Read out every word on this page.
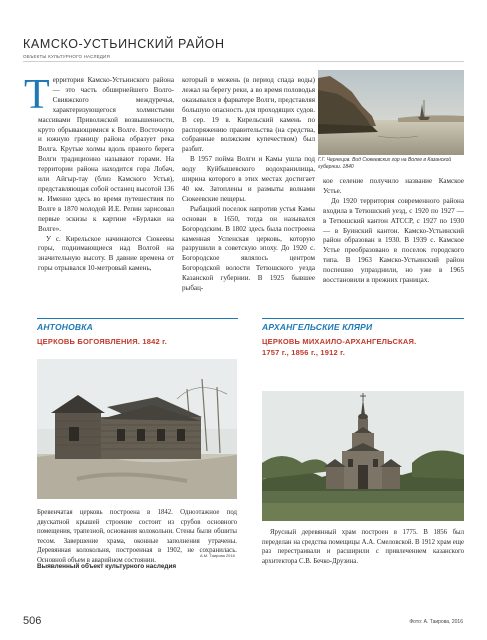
КАМСКО-УСТЬИНСКИЙ РАЙОН
ОБЪЕКТЫ КУЛЬТУРНОГО НАСЛЕДИЯ
Т ерритория Камско-Устьинского района — это часть обширнейшего Волго-Свияжского междуречья, характеризующегося холмистыми массивами Приволжской возвышенности, круто обрывающимися к Волге. Восточную и южную границу района образует река Волга. Крутые холмы вдоль правого берега Волги традиционно называют горами. На территории района находится гора Лобач, или Айгыр-тау (близ Камского Устья), представляющая собой останец высотой 136 м. Именно здесь во время путешествия по Волге в 1870 молодой И.Е. Репин зарисовал первые эскизы к картине «Бурлаки на Волге».

У с. Кирельское начинаются Сюкеевы горы, поднимающиеся над Волгой на значительную высоту. В давние времена от горы отрывался 10-метровый камень,

который в межень (в период спада воды) лежал на берегу реки, а во время половодья оказывался в фарватере Волги, представляя большую опасность для проходящих судов. В сер. 19 в. Кирельский камень по распоряжению правительства (на средства, собранные волжским купечеством) был разбит.

В 1957 пойма Волги и Камы ушла под воду Куйбышевского водохранилища, ширина которого в этих местах достигает 40 км. Затоплены и размыты волнами Сюкеевские пещеры.

Рыбацкий поселок напротив устья Камы основан в 1650, тогда он назывался Богородским. В 1802 здесь была построена каменная Успенская церковь, которую разрушили в советскую эпоху. До 1920 с. Богородское являлось центром Богородской волости Тетюшского уезда Казанской губернии. В 1925 бывшее рыбац-

Г.Г. Чернецов. Вид Сюкеевских гор на Волге в Казанской губернии. 1840

кое селение получило название Камское Устье.

До 1920 территория современного района входила в Тетюшский уезд, с 1920 по 1927 — в Тетюшский кантон АТССР, с 1927 по 1930 — в Буинский кантон. Камско-Устьинский район образован в 1930. В 1939 с. Камское Устье преобразовано в поселок городского типа. В 1963 Камско-Устьинский район поспешно упразднили, но уже в 1965 восстановили в прежних границах.

АНТОНОВКА
ЦЕРКОВЬ БОГОЯВЛЕНИЯ. 1842 г.
Бревенчатая церковь построена в 1842. Одноэтажное под двускатной крышей строение состоит из срубов основного помещения, трапезной, основания колокольни. Стены были обшиты тесом. Завершение храма, оконные заполнения утрачены. Деревянная колокольня, построенная в 1902, не сохранилась. Основной объем в аварийном состоянии.
А.М. Таирова 2016
Выявленный объект культурного наследия
АРХАНГЕЛЬСКИЕ КЛЯРИ
ЦЕРКОВЬ МИХАИЛО-АРХАНГЕЛЬСКАЯ.
1757 г., 1856 г., 1912 г.
Ярусный деревянный храм построен в 1775. В 1856 был переделан на средства помещицы А.А. Смеловской. В 1912 храм еще раз перестраивали и расширили с привлечением казанского архитектора С.В. Бечко-Друзина.
506	Фото: А. Таирова, 2016
